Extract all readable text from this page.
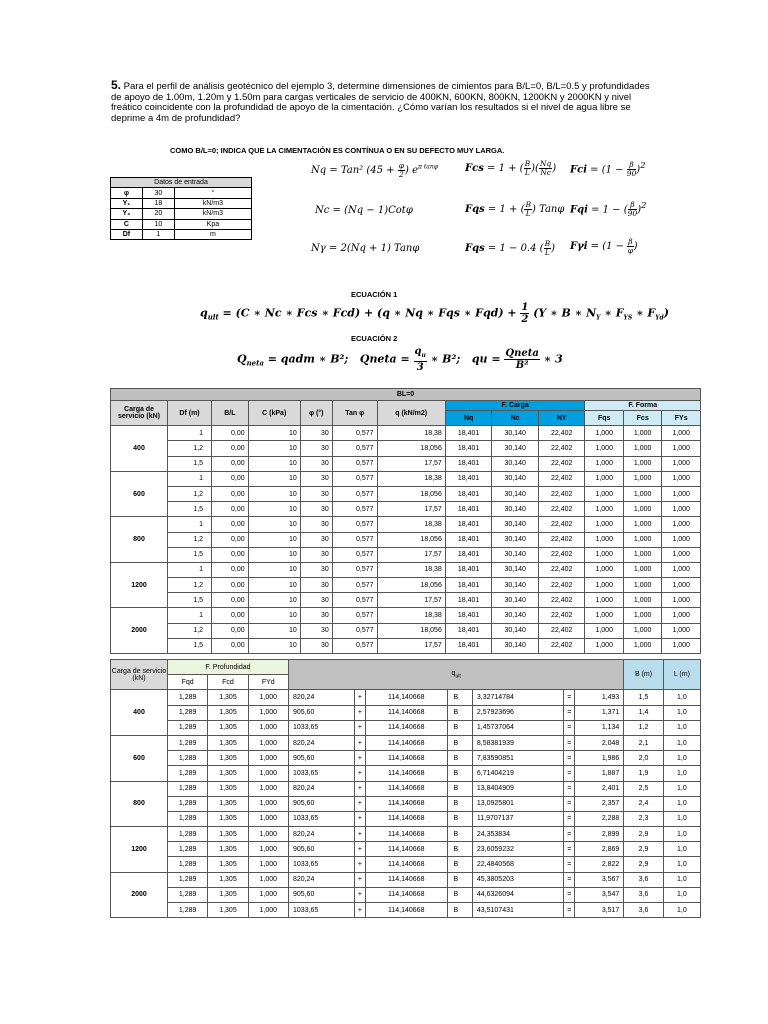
5. Para el perfil de análisis geotécnico del ejemplo 3, determine dimensiones de cimientos para B/L=0, B/L=0.5 y profundidades de apoyo de 1.00m, 1.20m y 1.50m para cargas verticales de servicio de 400KN, 600KN, 800KN, 1200KN y 2000KN y nivel freático coincidente con la profundidad de apoyo de la cimentación. ¿Cómo varían los resultados si el nivel de agua libre se deprime a 4m de profundidad?
COMO B/L=0; INDICA QUE LA CIMENTACIÓN ES CONTÍNUA O EN SU DEFECTO MUY LARGA.
Datos de entrada		
φ	30	°
Υ₁	18	kN/m3
Υ₂	20	kN/m3
C	10	Kpa
Df	1	m
Nq = Tan² ($45 + \frac{\varphi}{2}$ ) $e^{\pi tan\varphi}$
Nc = (Nq − 1)Cotφ
Nγ = 2(Nq + 1) Tanφ
Fcs = 1 + ( $\frac{B}{L}$ )( $\frac{Nq}{Nc}$ )
Fqs = 1 + ( $\frac{B}{L}$ ) Tanφ
Fqs = 1 − 0.4 ( $\frac{B}{L}$ )
Fci = $(1 - \frac{\beta}{90} )^2$
Fqi = 1 − ( $\frac{\beta}{90} )^2$
$F\gamma i = (1 - \frac{\beta}{\varphi}$ )
ECUACIÓN 1
$q_{ult} = (C$ ∗ Nc ∗ Fcs ∗ Fcd) + (q ∗ Nq ∗ Fqs ∗ $Fqd) + \frac{1}{2} (\Upsilon$ ∗ B ∗ $N_\Upsilon$ ∗ $F_{\Upsilon S}$ ∗ $F_{\Upsilon d}$)
ECUACIÓN 2
$Q_{neta}$ = qadm ∗ B²;   Qneta = $\frac{q_u}{3}$ ∗ B²;   qu = $\frac{\text{Qneta}}{\text{B²}}$ ∗ 3
BL=0												
Carga de servicio (kN)	Df (m)	B/L	C (kPa)	φ (°)	Tan φ	q (kN/m2)	F. Carga			F. Forma		
							Nq	Nc	NY	Fqs	Fcs	FYs
400	1	0,00	10	30	0,577	18,38	18,401	30,140	22,402	1,000	1,000	1,000
	1,2	0,00	10	30	0,577	18,056	18,401	30,140	22,402	1,000	1,000	1,000
	1,5	0,00	10	30	0,577	17,57	18,401	30,140	22,402	1,000	1,000	1,000
600	1	0,00	10	30	0,577	18,38	18,401	30,140	22,402	1,000	1,000	1,000
	1,2	0,00	10	30	0,577	18,056	18,401	30,140	22,402	1,000	1,000	1,000
	1,5	0,00	10	30	0,577	17,57	18,401	30,140	22,402	1,000	1,000	1,000
800	1	0,00	10	30	0,577	18,38	18,401	30,140	22,402	1,000	1,000	1,000
	1,2	0,00	10	30	0,577	18,056	18,401	30,140	22,402	1,000	1,000	1,000
	1,5	0,00	10	30	0,577	17,57	18,401	30,140	22,402	1,000	1,000	1,000
1200	1	0,00	10	30	0,577	18,38	18,401	30,140	22,402	1,000	1,000	1,000
	1,2	0,00	10	30	0,577	18,056	18,401	30,140	22,402	1,000	1,000	1,000
	1,5	0,00	10	30	0,577	17,57	18,401	30,140	22,402	1,000	1,000	1,000
2000	1	0,00	10	30	0,577	18,38	18,401	30,140	22,402	1,000	1,000	1,000
	1,2	0,00	10	30	0,577	18,056	18,401	30,140	22,402	1,000	1,000	1,000
	1,5	0,00	10	30	0,577	17,57	18,401	30,140	22,402	1,000	1,000	1,000
Carga de servicio (kN)	F. Profundidad			$q_{ult}$							B (m)	L (m)
	Fqd	Fcd	FYd									
400	1,289	1,305	1,000	820,24	+	114,140668	B	3,32714784	=	1,493	1,5	1,0
	1,289	1,305	1,000	905,60	+	114,140668	B	2,57923696	=	1,371	1,4	1,0
	1,289	1,305	1,000	1033,65	+	114,140668	B	1,45737064	=	1,134	1,2	1,0
600	1,289	1,305	1,000	820,24	+	114,140668	B	8,58381939	=	2,048	2,1	1,0
	1,289	1,305	1,000	905,60	+	114,140668	B	7,83590851	=	1,986	2,0	1,0
	1,289	1,305	1,000	1033,65	+	114,140668	B	6,71404219	=	1,887	1,9	1,0
800	1,289	1,305	1,000	820,24	+	114,140668	B	13,8404909	=	2,401	2,5	1,0
	1,289	1,305	1,000	905,60	+	114,140668	B	13,0925801	=	2,357	2,4	1,0
	1,289	1,305	1,000	1033,65	+	114,140668	B	11,9707137	=	2,288	2,3	1,0
1200	1,289	1,305	1,000	820,24	+	114,140668	B	24,353834	=	2,899	2,9	1,0
	1,289	1,305	1,000	905,60	+	114,140668	B	23,6059232	=	2,869	2,9	1,0
	1,289	1,305	1,000	1033,65	+	114,140668	B	22,4840568	=	2,822	2,9	1,0
2000	1,289	1,305	1,000	820,24	+	114,140668	B	45,3805203	=	3,567	3,6	1,0
	1,289	1,305	1,000	905,60	+	114,140668	B	44,6326094	=	3,547	3,6	1,0
	1,289	1,305	1,000	1033,65	+	114,140668	B	43,5107431	=	3,517	3,6	1,0
